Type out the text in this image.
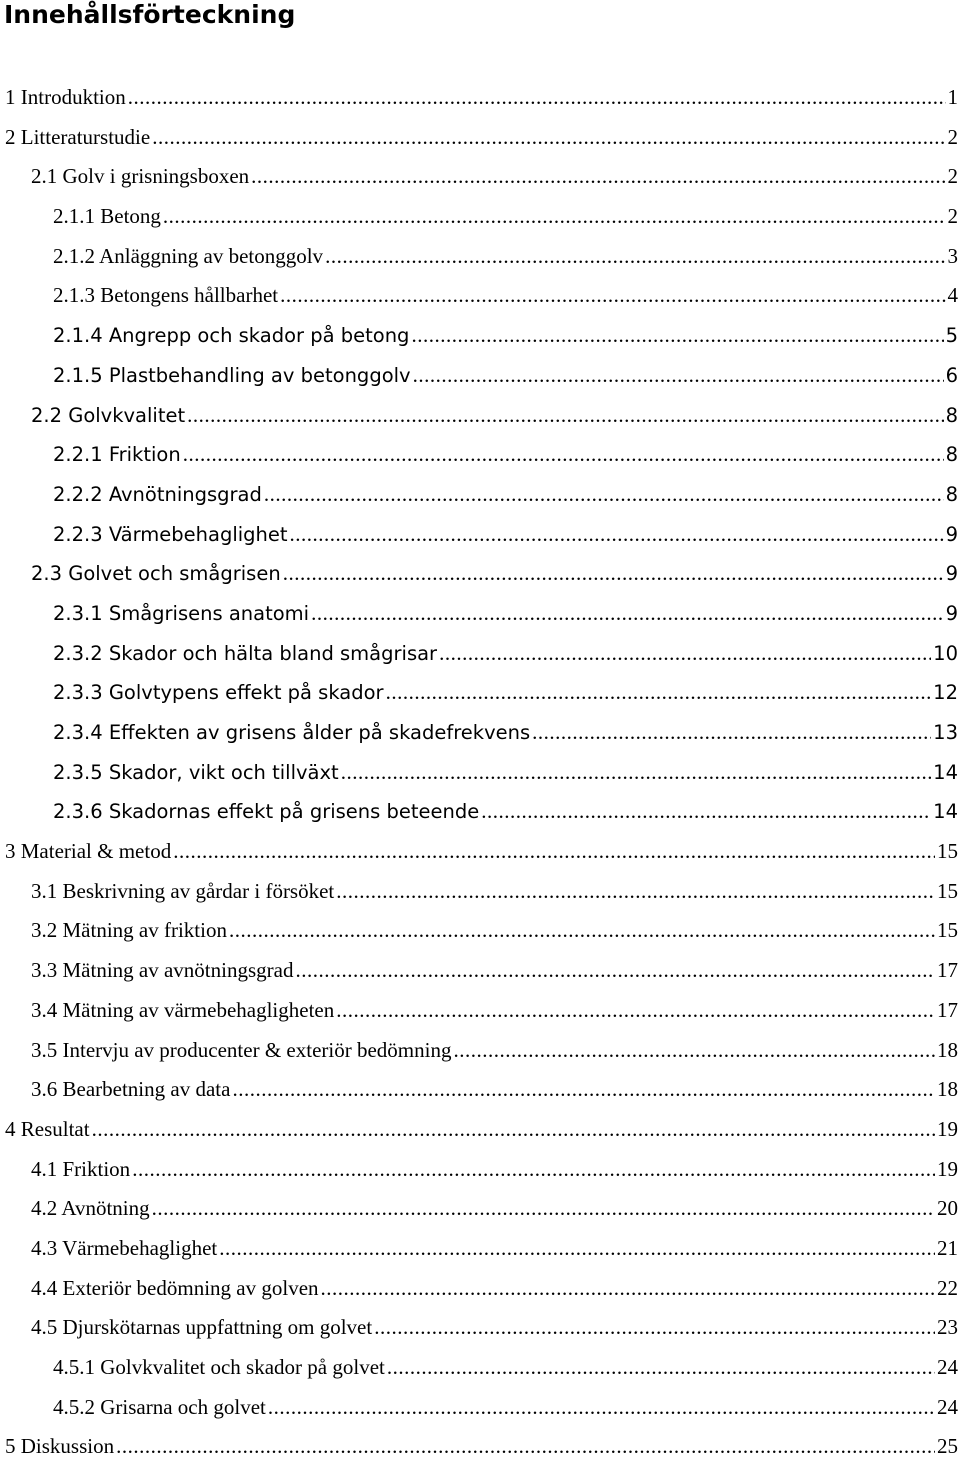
Innehållsförteckning
1 Introduktion .....	1
2 Litteraturstudie .....	2
2.1 Golv i grisningsboxen .....	2
2.1.1 Betong .....	2
2.1.2 Anläggning av betonggolv .....	3
2.1.3 Betongens hållbarhet .....	4
2.1.4 Angrepp och skador på betong .....	5
2.1.5 Plastbehandling av betonggolv .....	6
2.2 Golvkvalitet .....	8
2.2.1 Friktion .....	8
2.2.2 Avnötningsgrad .....	8
2.2.3 Värmebehaglighet .....	9
2.3 Golvet och smågrisen .....	9
2.3.1 Smågrisens anatomi .....	9
2.3.2 Skador och hälta bland smågrisar .....	10
2.3.3 Golvtypens effekt på skador .....	12
2.3.4 Effekten av grisens ålder på skadefrekvens .....	13
2.3.5 Skador, vikt och tillväxt .....	14
2.3.6 Skadornas effekt på grisens beteende .....	14
3 Material & metod .....	15
3.1 Beskrivning av gårdar i försöket .....	15
3.2 Mätning av friktion .....	15
3.3 Mätning av avnötningsgrad .....	17
3.4 Mätning av värmebehagligheten .....	17
3.5 Intervju av producenter & exteriör bedömning .....	18
3.6 Bearbetning av data .....	18
4 Resultat .....	19
4.1 Friktion .....	19
4.2 Avnötning .....	20
4.3 Värmebehaglighet .....	21
4.4 Exteriör bedömning av golven .....	22
4.5 Djurskötarnas uppfattning om golvet .....	23
4.5.1 Golvkvalitet och skador på golvet .....	24
4.5.2 Grisarna och golvet .....	24
5 Diskussion .....	25
